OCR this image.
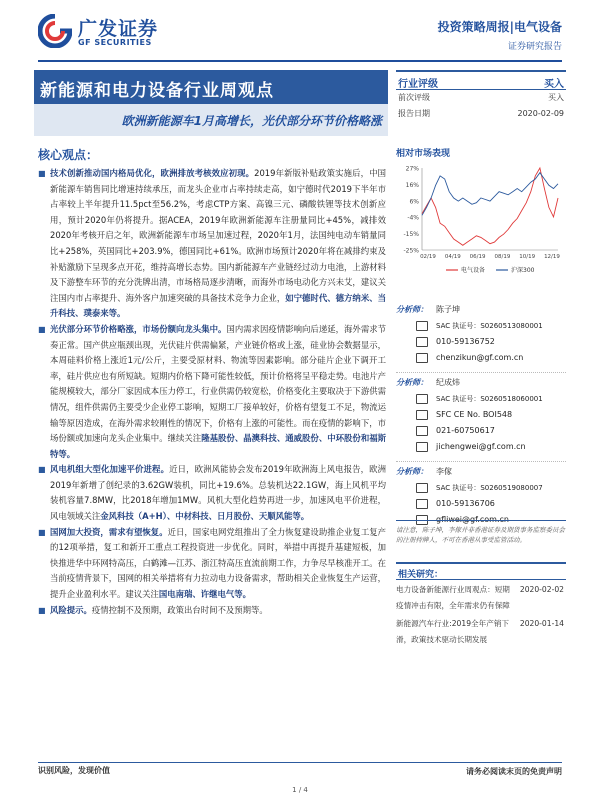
广发证券
GF SECURITIES
投资策略周报|电气设备
证券研究报告
新能源和电力设备行业周观点
欧洲新能源车1月高增长，光伏部分环节价格略涨
行业评级	买入
前次评级	买入
报告日期	2020-02-09
核心观点：
■ 技术创新推动国内格局优化，欧洲排放考核效应初现。2019年新版补贴政策实施后，中国新能源车销售同比增速持续承压，而龙头企业市占率持续走高，如宁德时代2019下半年市占率较上半年提升11.5pct至56.2%，考虑CTP方案、高镍三元、磷酸铁锂等技术创新应用，预计2020年仍将提升。据ACEA，2019年欧洲新能源车注册量同比+45%，减排效2020年考核开启之年，欧洲新能源车市场呈加速过程，2020年1月，法国纯电动车销量同比+258%，英国同比+203.9%，德国同比+61%。欧洲市场预计2020年将在减排约束及补贴激励下呈现多点开花，维持高增长态势。国内新能源车产业链经过动力电池，上游材料及下游整车环节的充分洗牌出清，市场格局逐步清晰，而海外市场电动化方兴未艾，建议关注国内市占率提升、海外客户加速突破的具备技术竞争力企业，如宁德时代、德方纳米、当升科技、璞泰来等。
■ 光伏部分环节价格略涨，市场份额向龙头集中。国内需求因疫情影响向后递延，海外需求节奏正常。国产供应瓶颈出现，光伏硅片供需偏紧，产业链价格或上涨，硅业协会数据显示，本周硅料价格上涨近1元/公斤，主要受原材料、物流等因素影响。部分硅片企业下调开工率，硅片供应也有所短缺。短期内价格下降可能性较低，预计价格将呈平稳走势。电池片产能规模较大，部分厂家因成本压力停工，行业供需仍较宽松，价格变化主要取决于下游供需情况，组件供需仍主要受少企业停工影响，短期工厂接单较好，价格有望复工不足，物流运输等原因造成，在海外需求较刚性的情况下，价格有上涨的可能性。而在疫情的影响下，市场份额或加速向龙头企业集中。继续关注隆基股份、晶澳科技、通威股份、中环股份和福斯特等。
■ 风电机组大型化加速平价进程。近日，欧洲风能协会发布2019年欧洲海上风电报告，欧洲2019年新增了创纪录的3.62GW装机，同比+19.6%。总装机达22.1GW，海上风机平均装机容量7.8MW，比2018年增加1MW。风机大型化趋势再进一步，加速风电平价进程，风电领域关注金风科技（A+H）、中材科技、日月股份、天顺风能等。
■ 国网加大投资，需求有望恢复。近日，国家电网党组推出了全力恢复建设助推企业复工复产的12项举措，复工和新开工重点工程投资进一步优化。同时，举措中再提升基建短板，加快推进华中环网特高压，白鹤滩—江苏、浙江特高压直流前期工作，力争尽早核准开工。在当前疫情背景下，国网的相关举措将有力拉动电力设备需求，帮助相关企业恢复生产运营，提升企业盈利水平。建议关注国电南瑞、许继电气等。
■ 风险提示。疫情控制不及预期，政策出台时间不及预期等。
相对市场表现
27%
16%
6%
-4%
-15%
-25%
02/19 04/19 06/19 08/19 10/19 12/19
电气设备	沪深300
分析师： 陈子坤
SAC 执证号：S0260513080001
010-59136752
chenzikun@gf.com.cn
分析师： 纪成炜
SAC 执证号：S0260518060001
SFC CE No. BOI548
021-60750617
jichengwei@gf.com.cn
分析师： 李傢
SAC 执证号：S0260519080007
010-59136706
gfliwei@gf.com.cn
请注意，陈子坤，李傢并非香港证券及期货事务监察委员会的注册持牌人，不可在香港从事受监管活动。
相关研究：
电力设备新能源行业周观点：短期疫情冲击有限，全年需求仍有保障
2020-02-02
新能源汽车行业:2019全年产销下滑，政策技术驱动长期发展
2020-01-14
识别风险，发现价值	请务必阅读末页的免责声明
1 / 4
